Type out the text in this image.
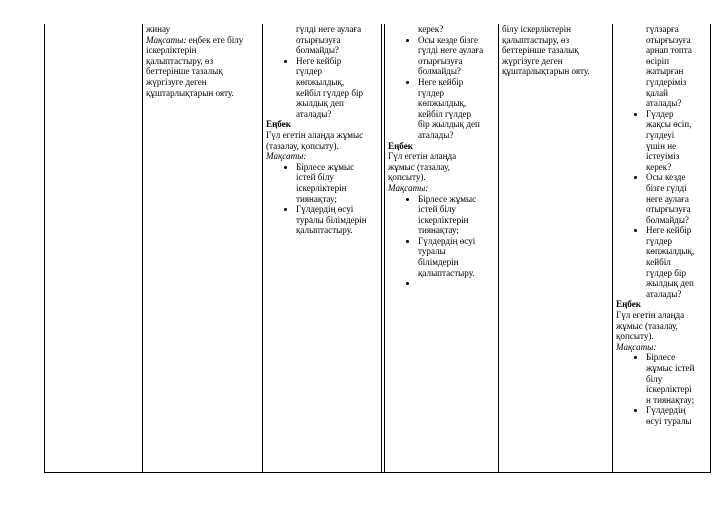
жинау

Мақсаты: еңбек ете білу

іскерліктерін

қалыптастыру, өз

беттерінше тазалық

жүргізуге деген

құштарлықтарын ояту.

гүлді неге аулаға
отырғызуға
болмайды?
• Неге кейбір
гүлдер
көпжылдық,
кейбіл гүлдер бір
жылдық деп
аталады?

Еңбек

Гүл егетін алаңда жұмыс

(тазалау, қопсыту).

Мақсаты:

• Бірлесе жұмыс
істей білу
іскерліктерін
тиянақтау;
• Гүлдердің өсуі
туралы білімдерін
қалыптастыру.
керек?
• Осы кезде бізге
гүлді неге аулаға
отырғызуға
болмайды?
• Неге кейбір
гүлдер
көпжылдық,
кейбіл гүлдер
бір жылдық деп
аталады?

Еңбек

Гүл егетін алаңда

жұмыс (тазалау,

қопсыту).

Мақсаты:

• Бірлесе жұмыс
істей білу
іскерліктерін
тиянақтау;
• Гүлдердің өсуі
туралы
білімдерін
қалыптастыру.
•

білу іскерліктерін

қалыптастыру, өз

беттерінше тазалық

жүргізуге деген

құштарлықтарын ояту.

гүлзарға
отырғызуға
арнап топта
өсіріп
жатырған
гүлдеріміз
қалай
аталады?
• Гүлдер
жақсы өсіп,
гүлдеуі
үшін не
істеуіміз
керек?
• Осы кезде
бізге гүлді
неге аулаға
отырғызуға
болмайды?
• Неге кейбір
гүлдер
көпжылдық,
кейбіл
гүлдер бір
жылдық деп
аталады?

Еңбек

Гүл егетін алаңда

жұмыс (тазалау,

қопсыту).

Мақсаты:

• Бірлесе
жұмыс істей
білу
іскерліктері
н тиянақтау;
• Гүлдердің
өсуі туралы
